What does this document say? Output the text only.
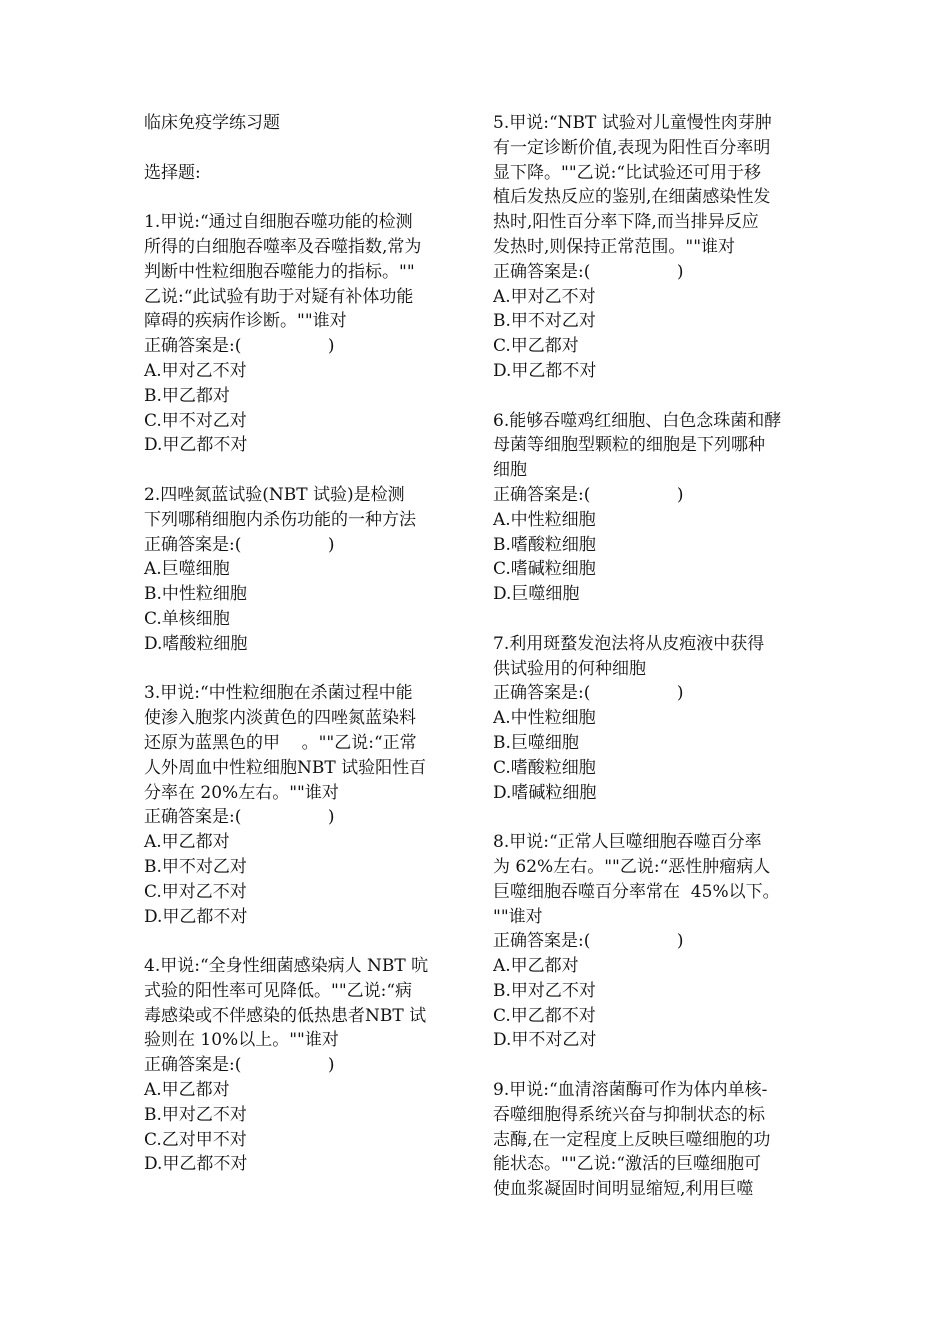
临床免疫学练习题
选择题:
1.甲说:“通过自细胞吞噬功能的检测
所得的白细胞吞噬率及吞噬指数,常为
判断中性粒细胞吞噬能力的指标。""
乙说:“此试验有助于对疑有补体功能
障碍的疾病作诊断。""谁对
正确答案是:(	)
A.甲对乙不对
B.甲乙都对
C.甲不对乙对
D.甲乙都不对
2.四唑氮蓝试验(NBT 试验)是检测
下列哪稍细胞内杀伤功能的一种方法
正确答案是:(	)
A.巨噬细胞
B.中性粒细胞
C.单核细胞
D.嗜酸粒细胞
3.甲说:“中性粒细胞在杀菌过程中能
使渗入胞浆内淡黄色的四唑氮蓝染料
还原为蓝黑色的甲    。""乙说:“正常
人外周血中性粒细胞NBT 试验阳性百
分率在 20%左右。""谁对
正确答案是:(	)
A.甲乙都对
B.甲不对乙对
C.甲对乙不对
D.甲乙都不对
4.甲说:“全身性细菌感染病人 NBT 吭
式验的阳性率可见降低。""乙说:“病
毒感染或不伴感染的低热患者NBT 试
验则在 10%以上。""谁对
正确答案是:(	)
A.甲乙都对
B.甲对乙不对
C.乙对甲不对
D.甲乙都不对
5.甲说:“NBT 试验对儿童慢性肉芽肿
有一定诊断价值,表现为阳性百分率明
显下降。""乙说:“比试验还可用于移
植后发热反应的鉴别,在细菌感染性发
热时,阳性百分率下降,而当排异反应
发热时,则保持正常范围。""谁对
正确答案是:(	)
A.甲对乙不对
B.甲不对乙对
C.甲乙都对
D.甲乙都不对
6.能够吞噬鸡红细胞、白色念珠菌和酵
母菌等细胞型颗粒的细胞是下列哪种
细胞
正确答案是:(	)
A.中性粒细胞
B.嗜酸粒细胞
C.嗜碱粒细胞
D.巨噬细胞
7.利用斑蝥发泡法将从皮疱液中获得
供试验用的何种细胞
正确答案是:(	)
A.中性粒细胞
B.巨噬细胞
C.嗜酸粒细胞
D.嗜碱粒细胞
8.甲说:“正常人巨噬细胞吞噬百分率
为 62%左右。""乙说:“恶性肿瘤病人
巨噬细胞吞噬百分率常在  45%以下。
""谁对
正确答案是:(	)
A.甲乙都对
B.甲对乙不对
C.甲乙都不对
D.甲不对乙对
9.甲说:“血清溶菌酶可作为体内单核-
吞噬细胞得系统兴奋与抑制状态的标
志酶,在一定程度上反映巨噬细胞的功
能状态。""乙说:“激活的巨噬细胞可
使血浆凝固时间明显缩短,利用巨噬
